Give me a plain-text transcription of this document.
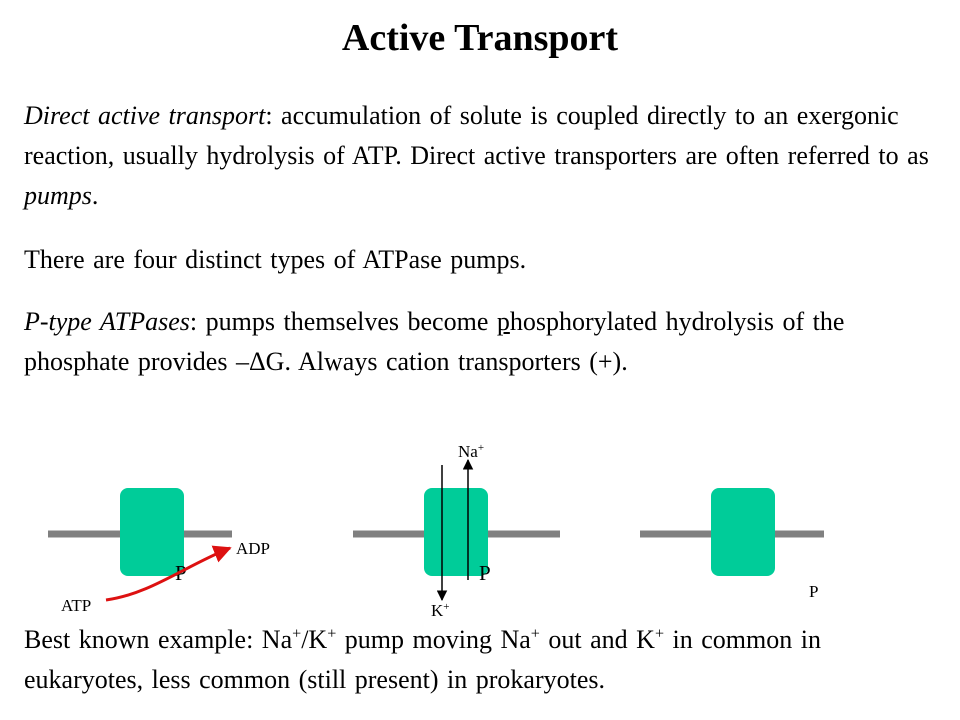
Active Transport

Direct active transport: accumulation of solute is coupled directly to an exergonic reaction, usually hydrolysis of ATP. Direct active transporters are often referred to as pumps.

There are four distinct types of ATPase pumps.

P-type ATPases: pumps themselves become phosphorylated hydrolysis of the phosphate provides –ΔG. Always cation transporters (+).

P
ATP
ADP
Na+
K+
P
P

Best known example: Na+/K+ pump moving Na+ out and K+ in common in eukaryotes, less common (still present) in prokaryotes.
